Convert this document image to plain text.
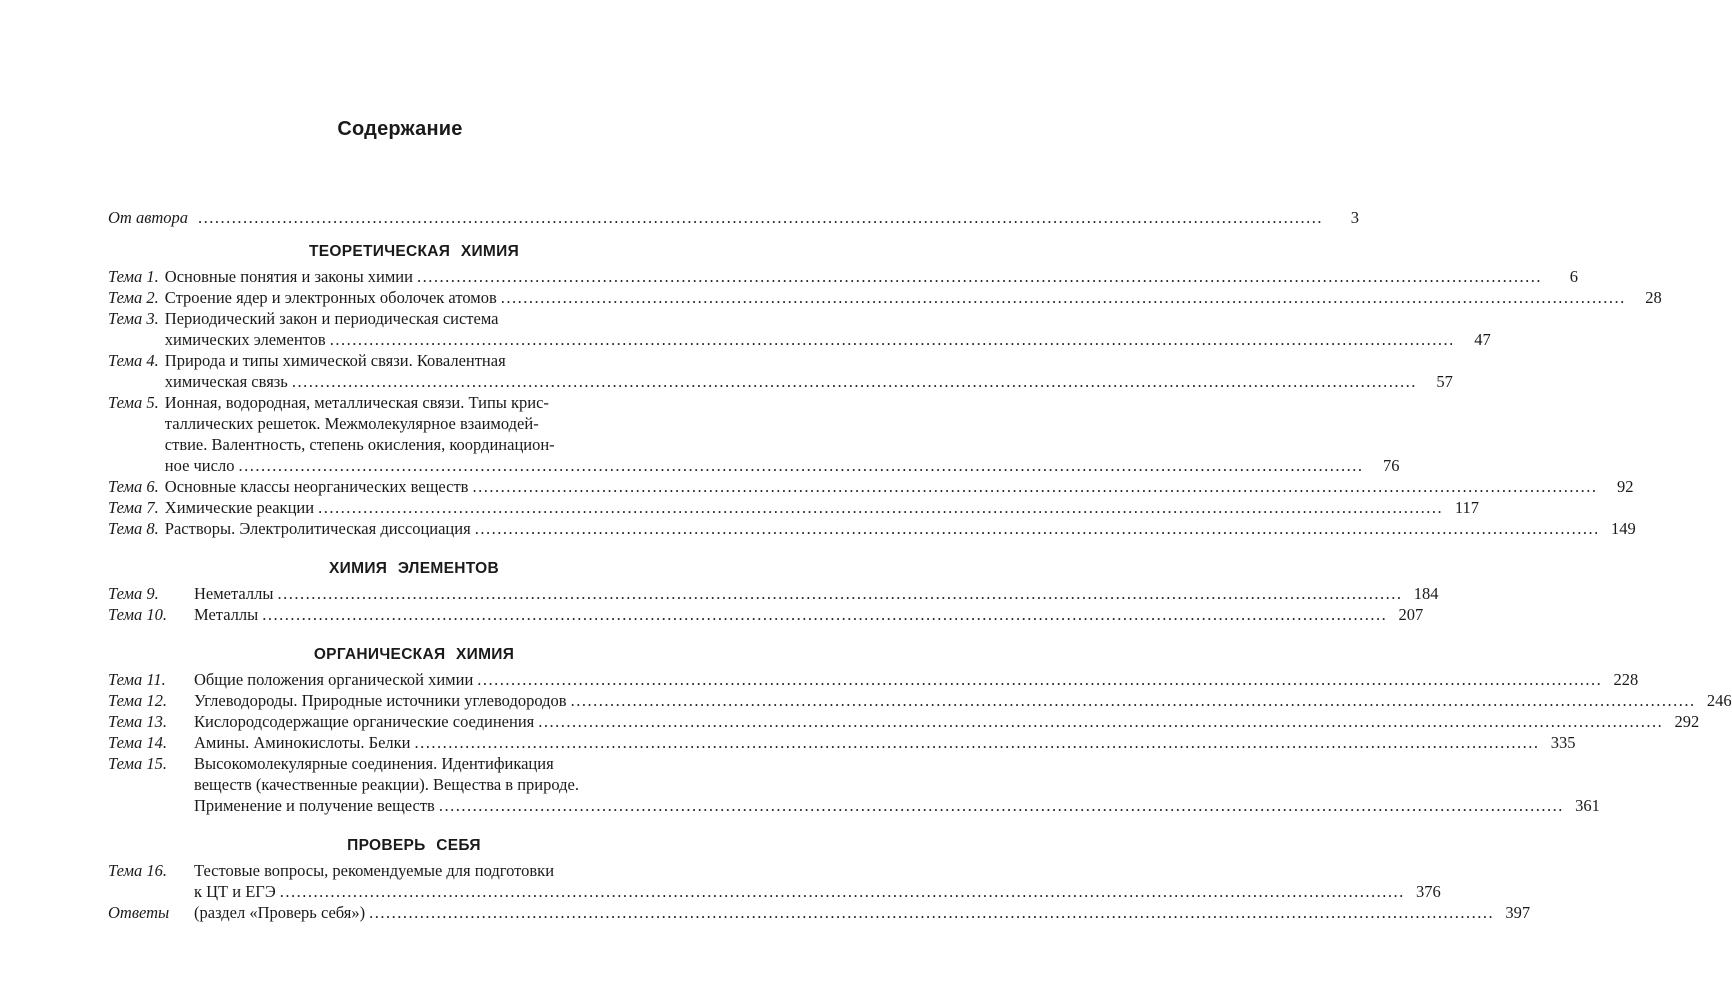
Содержание
От автора ........................................................................................................................................................................................................	3
ТЕОРЕТИЧЕСКАЯ ХИМИЯ
Тема 1. Основные понятия и законы химии ........................................................................................................................................................................................................	6
Тема 2. Строение ядер и электронных оболочек атомов ........................................................................................................................................................................................................	28
Тема 3. Периодический закон и периодическая система
химических элементов ........................................................................................................................................................................................................	47
Тема 4. Природа и типы химической связи. Ковалентная
химическая связь ........................................................................................................................................................................................................	57
Тема 5. Ионная, водородная, металлическая связи. Типы крис-
таллических решеток. Межмолекулярное взаимодей-
ствие. Валентность, степень окисления, координацион-
ное число ........................................................................................................................................................................................................	76
Тема 6. Основные классы неорганических веществ ........................................................................................................................................................................................................	92
Тема 7. Химические реакции ........................................................................................................................................................................................................ 117
Тема 8. Растворы. Электролитическая диссоциация ........................................................................................................................................................................................................ 149
ХИМИЯ ЭЛЕМЕНТОВ
Тема 9.	Неметаллы ........................................................................................................................................................................................................ 184
Тема 10.	Металлы ........................................................................................................................................................................................................ 207
ОРГАНИЧЕСКАЯ ХИМИЯ
Тема 11.	Общие положения органической химии ........................................................................................................................................................................................................ 228
Тема 12.	Углеводороды. Природные источники углеводородов ........................................................................................................................................................................................................ 246
Тема 13.	Кислородсодержащие органические соединения ........................................................................................................................................................................................................ 292
Тема 14.	Амины. Аминокислоты. Белки ........................................................................................................................................................................................................ 335
Тема 15.	Высокомолекулярные соединения. Идентификация
веществ (качественные реакции). Вещества в природе.
Применение и получение веществ ........................................................................................................................................................................................................ 361
ПРОВЕРЬ СЕБЯ
Тема 16.	Тестовые вопросы, рекомендуемые для подготовки
к ЦТ и ЕГЭ ........................................................................................................................................................................................................ 376
Ответы	(раздел «Проверь себя») ........................................................................................................................................................................................................ 397
